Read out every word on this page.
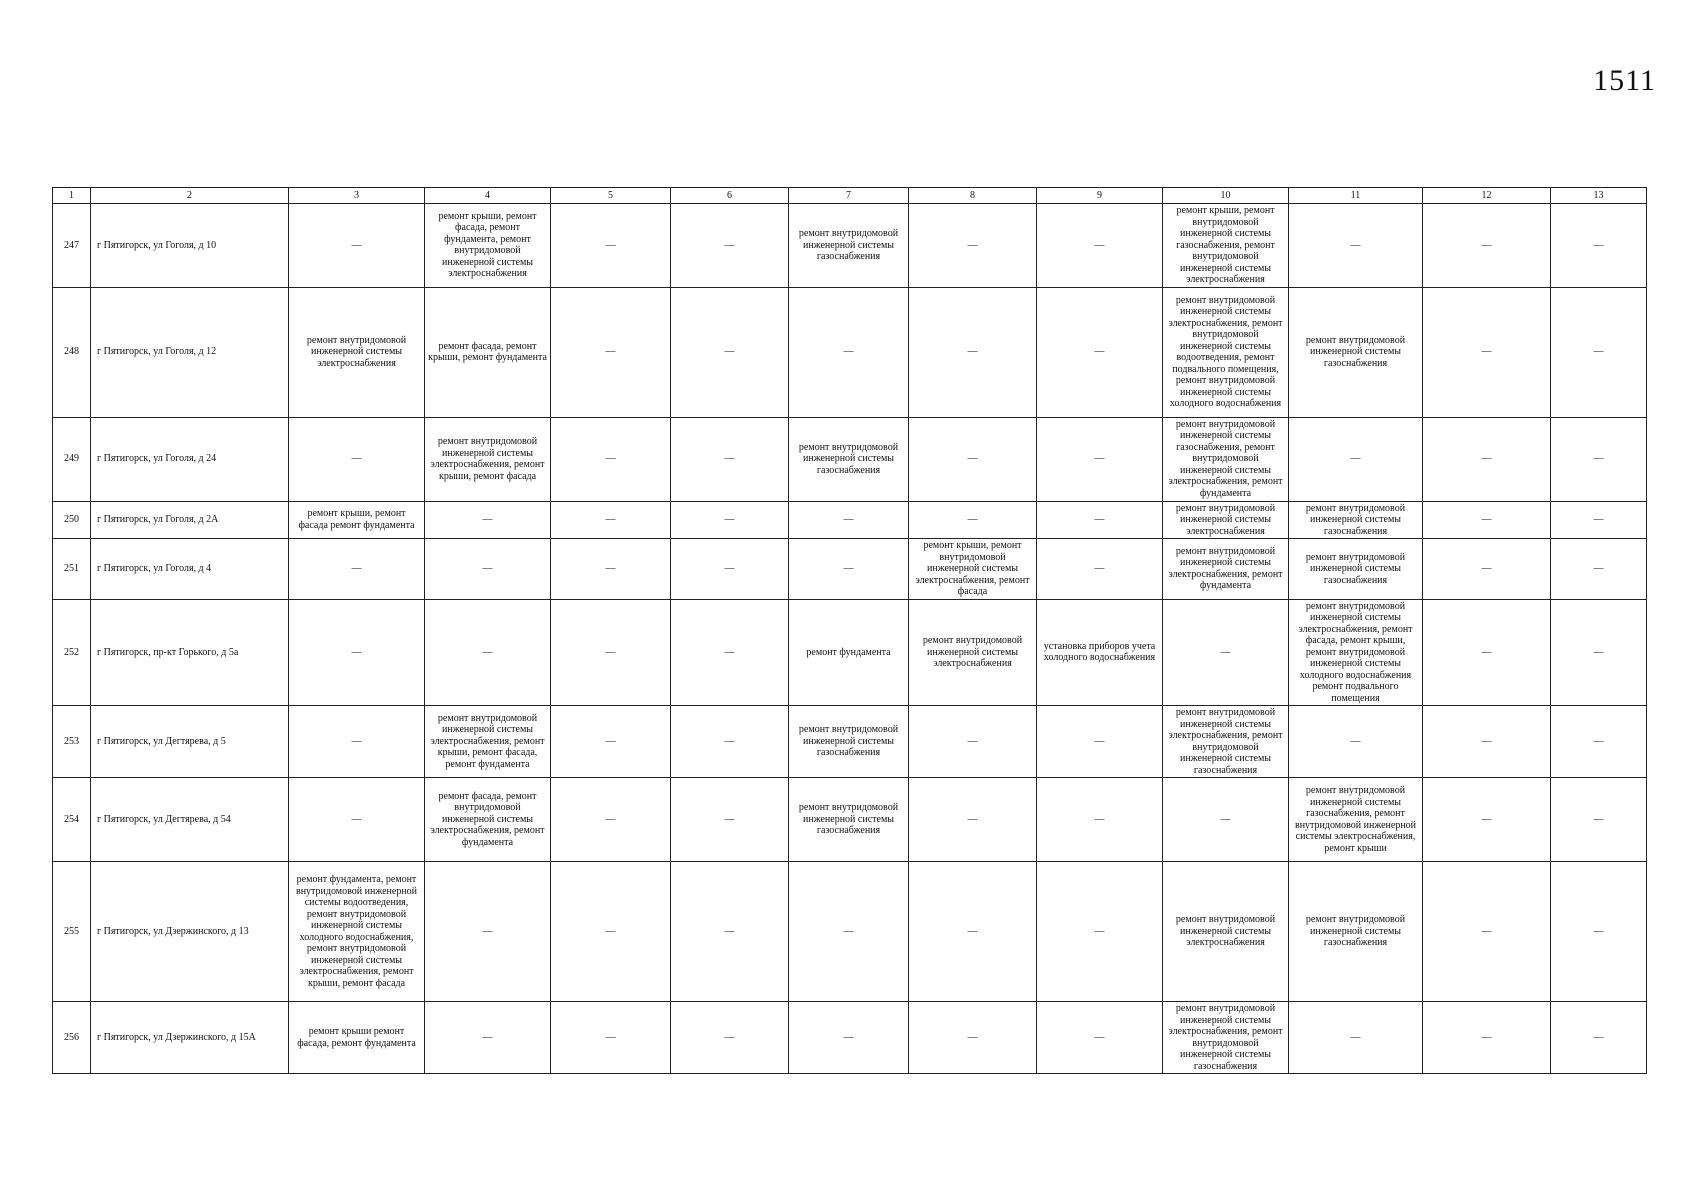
1511
1	2	3	4	5	6	7	8	9	10	11	12	13
247	г Пятигорск, ул Гоголя, д 10	—	ремонт крыши, ремонт фасада, ремонт фундамента, ремонт внутридомовой инженерной системы электроснабжения	—	—	ремонт внутридомовой инженерной системы газоснабжения	—	—	ремонт крыши, ремонт внутридомовой инженерной системы газоснабжения, ремонт внутридомовой инженерной системы электроснабжения	—	—	—
248	г Пятигорск, ул Гоголя, д 12	ремонт внутридомовой инженерной системы электроснабжения	ремонт фасада, ремонт крыши, ремонт фундамента	—	—	—	—	—	ремонт внутридомовой инженерной системы электроснабжения, ремонт внутридомовой инженерной системы водоотведения, ремонт подвального помещения, ремонт внутридомовой инженерной системы холодного водоснабжения	ремонт внутридомовой инженерной системы газоснабжения	—	—
249	г Пятигорск, ул Гоголя, д 24	—	ремонт внутридомовой инженерной системы электроснабжения, ремонт крыши, ремонт фасада	—	—	ремонт внутридомовой инженерной системы газоснабжения	—	—	ремонт внутридомовой инженерной системы газоснабжения, ремонт внутридомовой инженерной системы электроснабжения, ремонт фундамента	—	—	—
250	г Пятигорск, ул Гоголя, д 2А	ремонт крыши, ремонт фасада ремонт фундамента	—	—	—	—	—	—	ремонт внутридомовой инженерной системы электроснабжения	ремонт внутридомовой инженерной системы газоснабжения	—	—
251	г Пятигорск, ул Гоголя, д 4	—	—	—	—	—	ремонт крыши, ремонт внутридомовой инженерной системы электроснабжения, ремонт фасада	—	ремонт внутридомовой инженерной системы электроснабжения, ремонт фундамента	ремонт внутридомовой инженерной системы газоснабжения	—	—
252	г Пятигорск, пр-кт Горького, д 5а	—	—	—	—	ремонт фундамента	ремонт внутридомовой инженерной системы электроснабжения	установка приборов учета холодного водоснабжения	—	ремонт внутридомовой инженерной системы электроснабжения, ремонт фасада, ремонт крыши, ремонт внутридомовой инженерной системы холодного водоснабжения ремонт подвального помещения	—	—
253	г Пятигорск, ул Дегтярева, д 5	—	ремонт внутридомовой инженерной системы электроснабжения, ремонт крыши, ремонт фасада, ремонт фундамента	—	—	ремонт внутридомовой инженерной системы газоснабжения	—	—	ремонт внутридомовой инженерной системы электроснабжения, ремонт внутридомовой инженерной системы газоснабжения	—	—	—
254	г Пятигорск, ул Дегтярева, д 54	—	ремонт фасада, ремонт внутридомовой инженерной системы электроснабжения, ремонт фундамента	—	—	ремонт внутридомовой инженерной системы газоснабжения	—	—	—	ремонт внутридомовой инженерной системы газоснабжения, ремонт внутридомовой инженерной системы электроснабжения, ремонт крыши	—	—
255	г Пятигорск, ул Дзержинского, д 13	ремонт фундамента, ремонт внутридомовой инженерной системы водоотведения, ремонт внутридомовой инженерной системы холодного водоснабжения, ремонт внутридомовой инженерной системы электроснабжения, ремонт крыши, ремонт фасада	—	—	—	—	—	—	ремонт внутридомовой инженерной системы электроснабжения	ремонт внутридомовой инженерной системы газоснабжения	—	—
256	г Пятигорск, ул Дзержинского, д 15А	ремонт крыши ремонт фасада, ремонт фундамента	—	—	—	—	—	—	ремонт внутридомовой инженерной системы электроснабжения, ремонт внутридомовой инженерной системы газоснабжения	—	—	—
